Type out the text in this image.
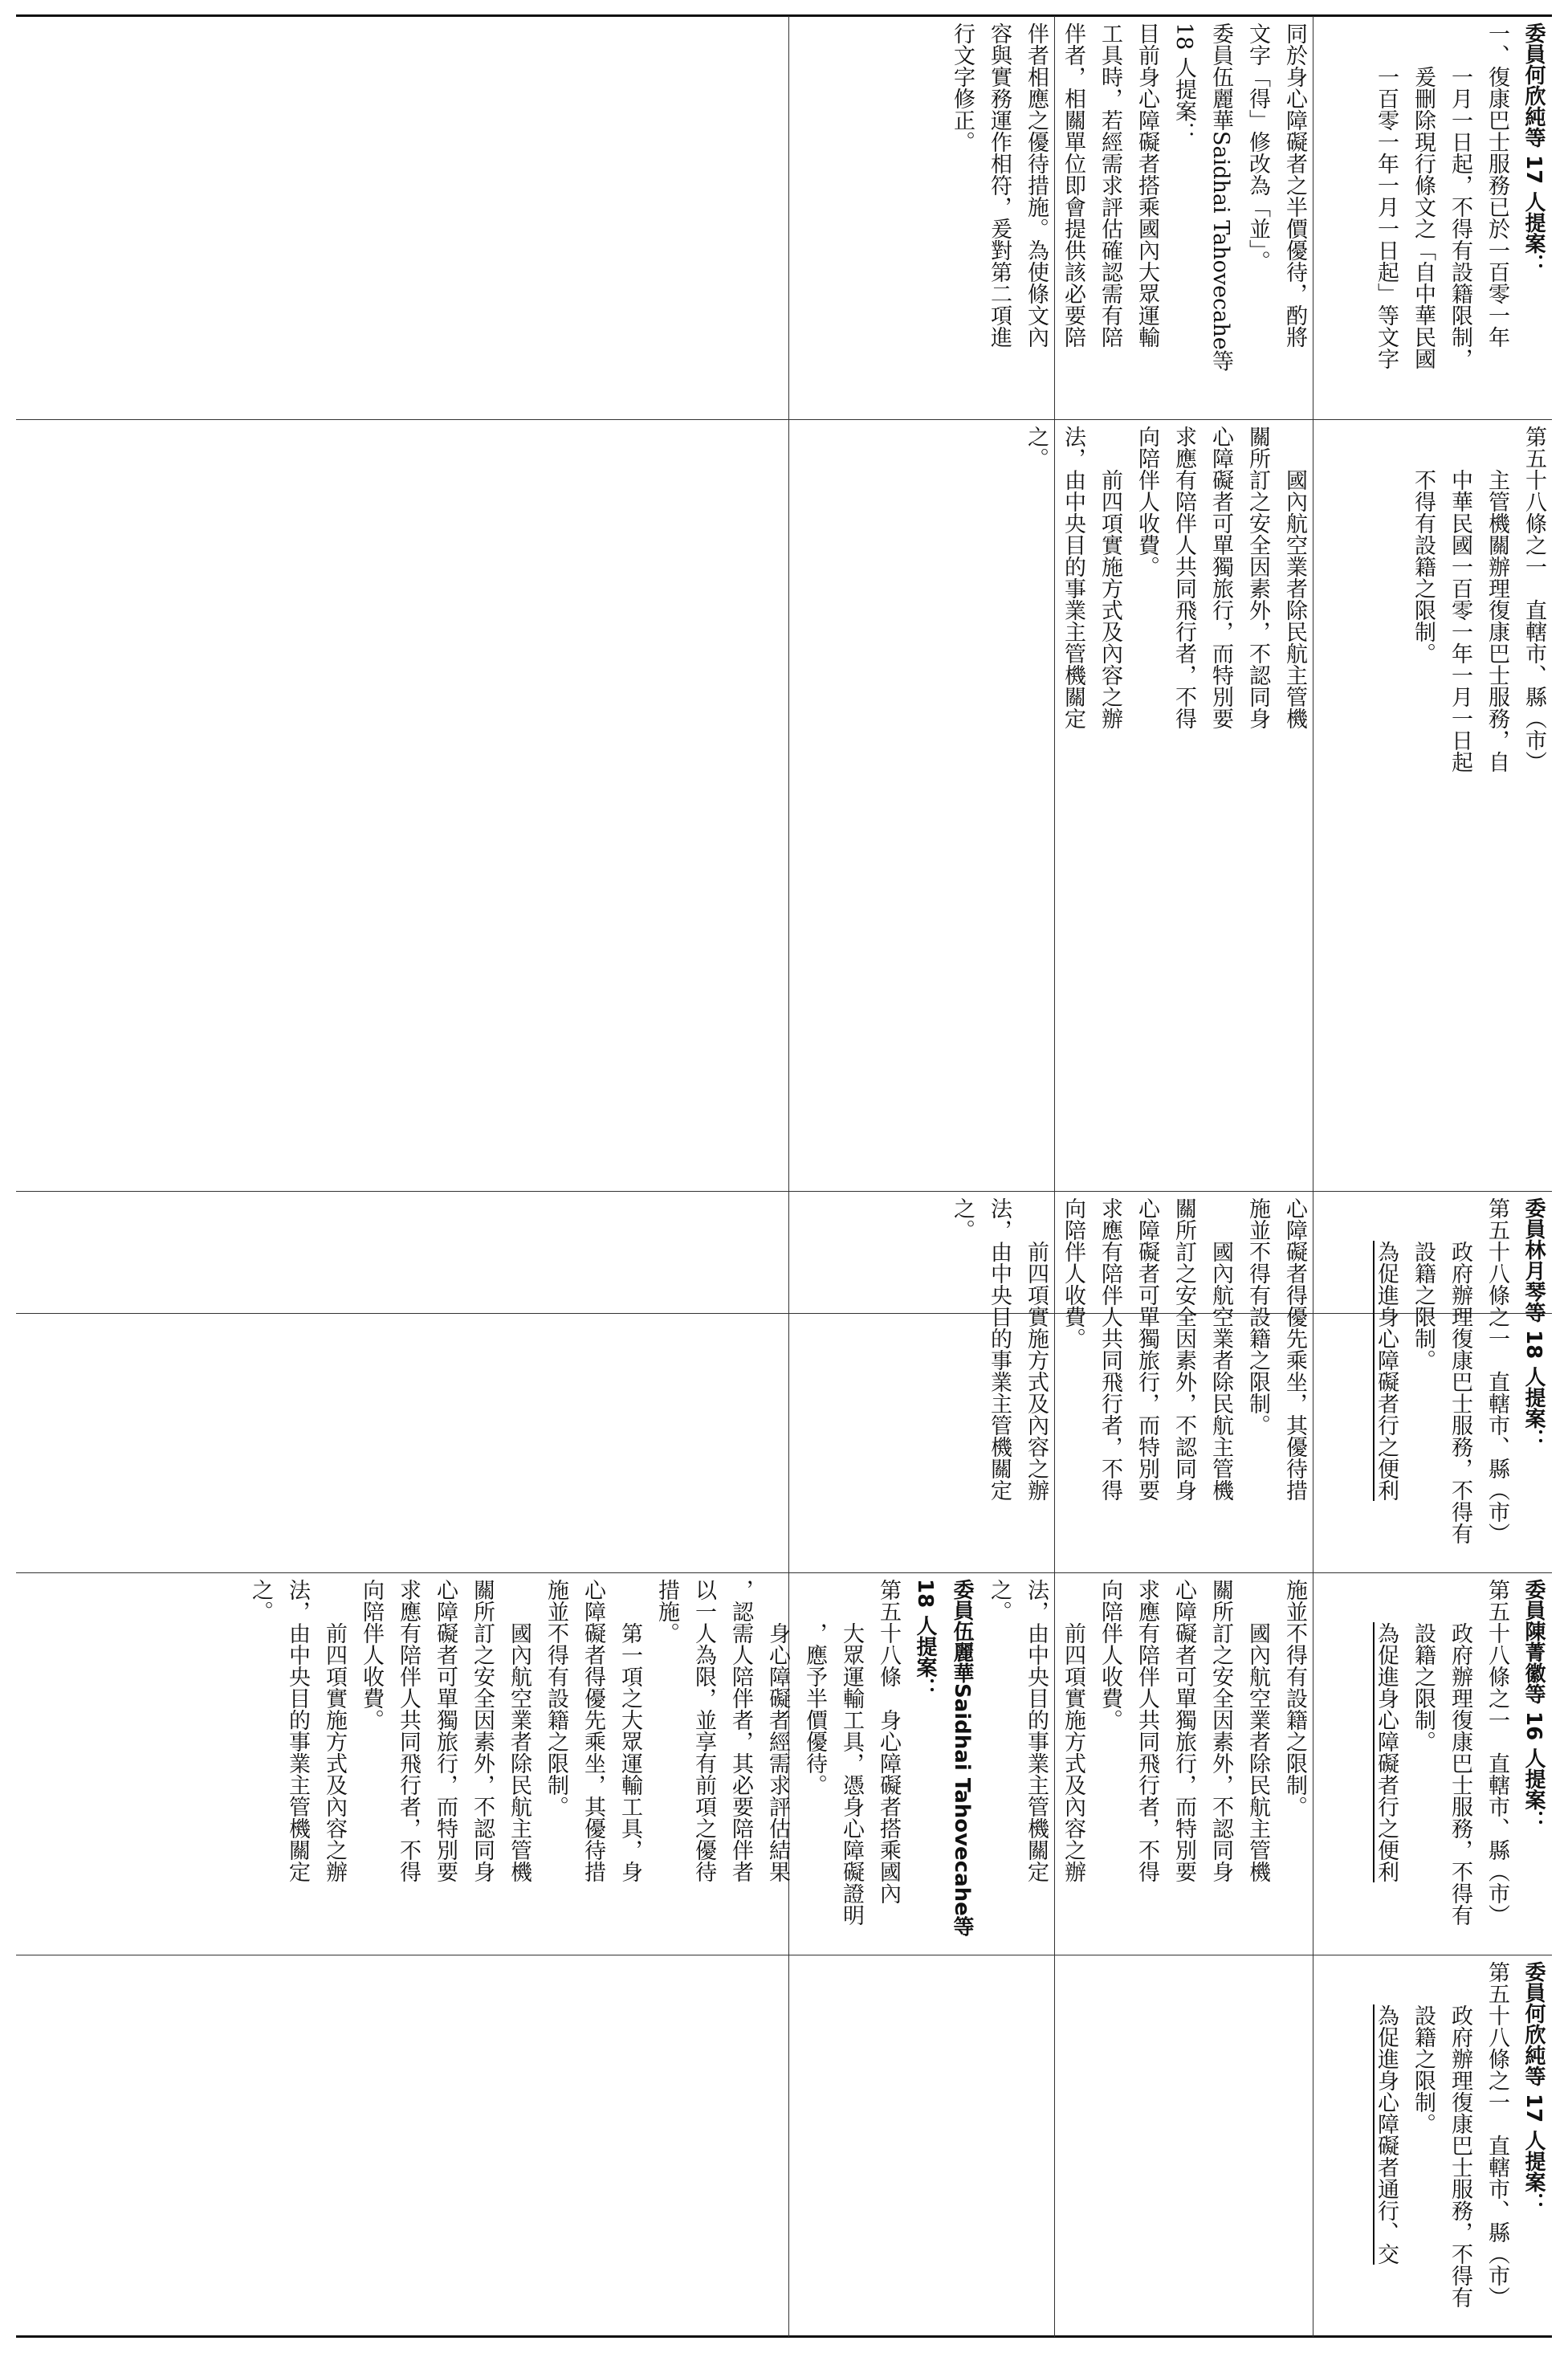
同於身心障礙者之半價優待，酌將

文字「得」修改為「並」。

委員伍麗華Saidhai Tahovecahe等

18 人提案：

目前身心障礙者搭乘國內大眾運輸

工具時，若經需求評估確認需有陪

伴者，相關單位即會提供該必要陪

伴者相應之優待措施。為使條文內

容與實務運作相符，爰對第二項進

行文字修正。

國內航空業者除民航主管機

關所訂之安全因素外，不認同身

心障礙者可單獨旅行，而特別要

求應有陪伴人共同飛行者，不得

向陪伴人收費。

前四項實施方式及內容之辦

法，由中央目的事業主管機關定

之。

心障礙者得優先乘坐，其優待措

施並不得有設籍之限制。

國內航空業者除民航主管機

關所訂之安全因素外，不認同身

心障礙者可單獨旅行，而特別要

求應有陪伴人共同飛行者，不得

向陪伴人收費。

前四項實施方式及內容之辦

法，由中央目的事業主管機關定

之。

委員何欣純等 17 人提案：

一、復康巴士服務已於一百零一年

一月一日起，不得有設籍限制，

爰刪除現行條文之「自中華民國

一百零一年一月一日起」等文字

第五十八條之一　直轄市、縣（市）

主管機關辦理復康巴士服務，自

中華民國一百零一年一月一日起

不得有設籍之限制。

委員林月琴等 18 人提案：

第五十八條之一　直轄市、縣（市）

政府辦理復康巴士服務，不得有

設籍之限制。

為促進身心障礙者行之便利

委員陳菁徽等 16 人提案：

第五十八條之一　直轄市、縣（市）

政府辦理復康巴士服務，不得有

設籍之限制。

為促進身心障礙者行之便利

委員何欣純等 17 人提案：

第五十八條之一　直轄市、縣（市）

政府辦理復康巴士服務，不得有

設籍之限制。

為促進身心障礙者通行、交

施並不得有設籍之限制。

國內航空業者除民航主管機

關所訂之安全因素外，不認同身

心障礙者可單獨旅行，而特別要

求應有陪伴人共同飛行者，不得

向陪伴人收費。

前四項實施方式及內容之辦

法，由中央目的事業主管機關定

之。

委員伍麗華Saidhai Tahovecahe等

18 人提案：

第五十八條　身心障礙者搭乘國內

大眾運輸工具，憑身心障礙證明

，應予半價優待。

身心障礙者經需求評估結果

，認需人陪伴者，其必要陪伴者

以一人為限，並享有前項之優待

措施。

第一項之大眾運輸工具，身

心障礙者得優先乘坐，其優待措

施並不得有設籍之限制。

國內航空業者除民航主管機

關所訂之安全因素外，不認同身

心障礙者可單獨旅行，而特別要

求應有陪伴人共同飛行者，不得

向陪伴人收費。

前四項實施方式及內容之辦

法，由中央目的事業主管機關定

之。
